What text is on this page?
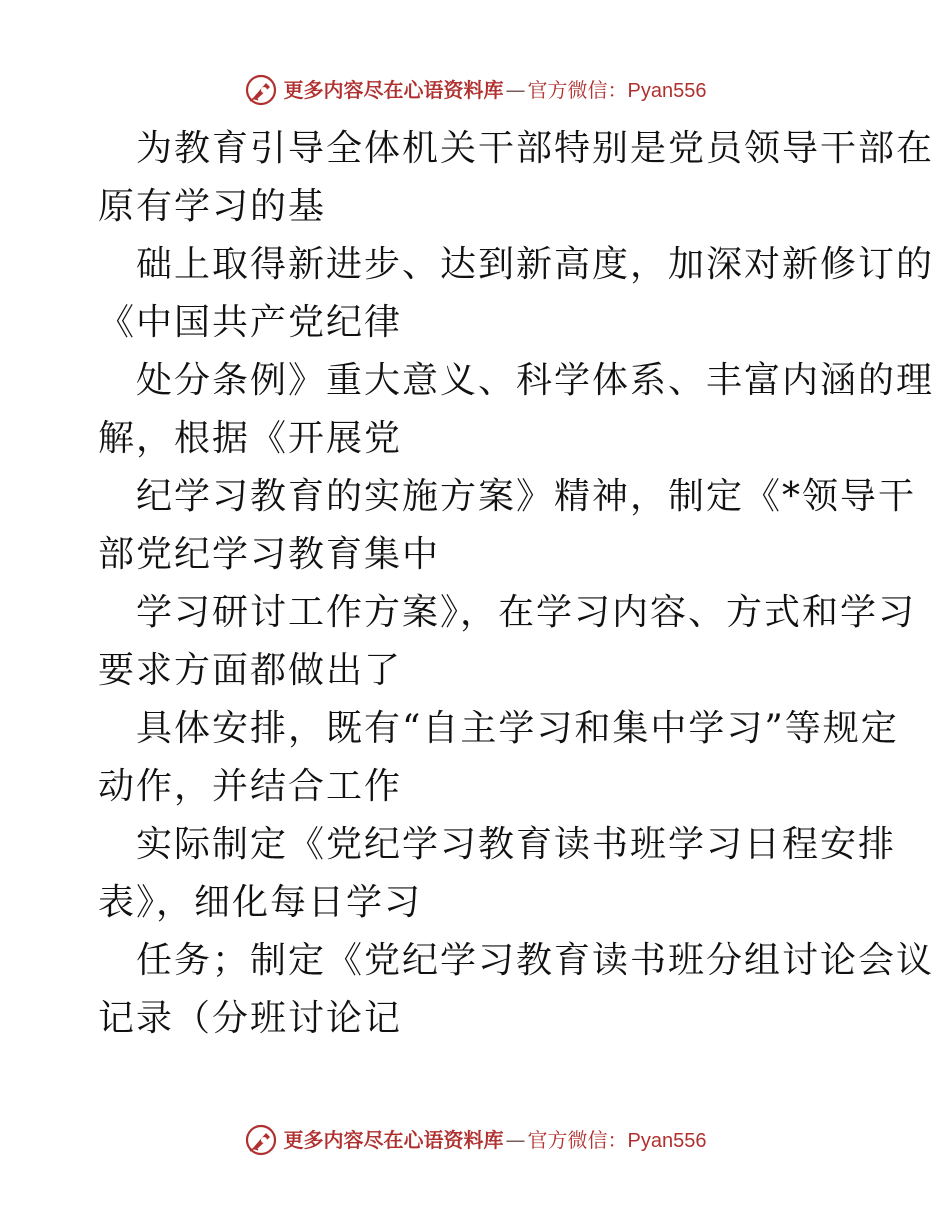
更多内容尽在心语资料库 — 官方微信：Pyan556
为教育引导全体机关干部特别是党员领导干部在
原有学习的基
础上取得新进步、达到新高度，加深对新修订的
《中国共产党纪律
处分条例》重大意义、科学体系、丰富内涵的理
解，根据《开展党
纪学习教育的实施方案》精神，制定《*领导干
部党纪学习教育集中
学习研讨工作方案》，在学习内容、方式和学习
要求方面都做出了
具体安排，既有“自主学习和集中学习”等规定
动作，并结合工作
实际制定《党纪学习教育读书班学习日程安排
表》，细化每日学习
任务；制定《党纪学习教育读书班分组讨论会议
记录（分班讨论记
更多内容尽在心语资料库 — 官方微信：Pyan556
